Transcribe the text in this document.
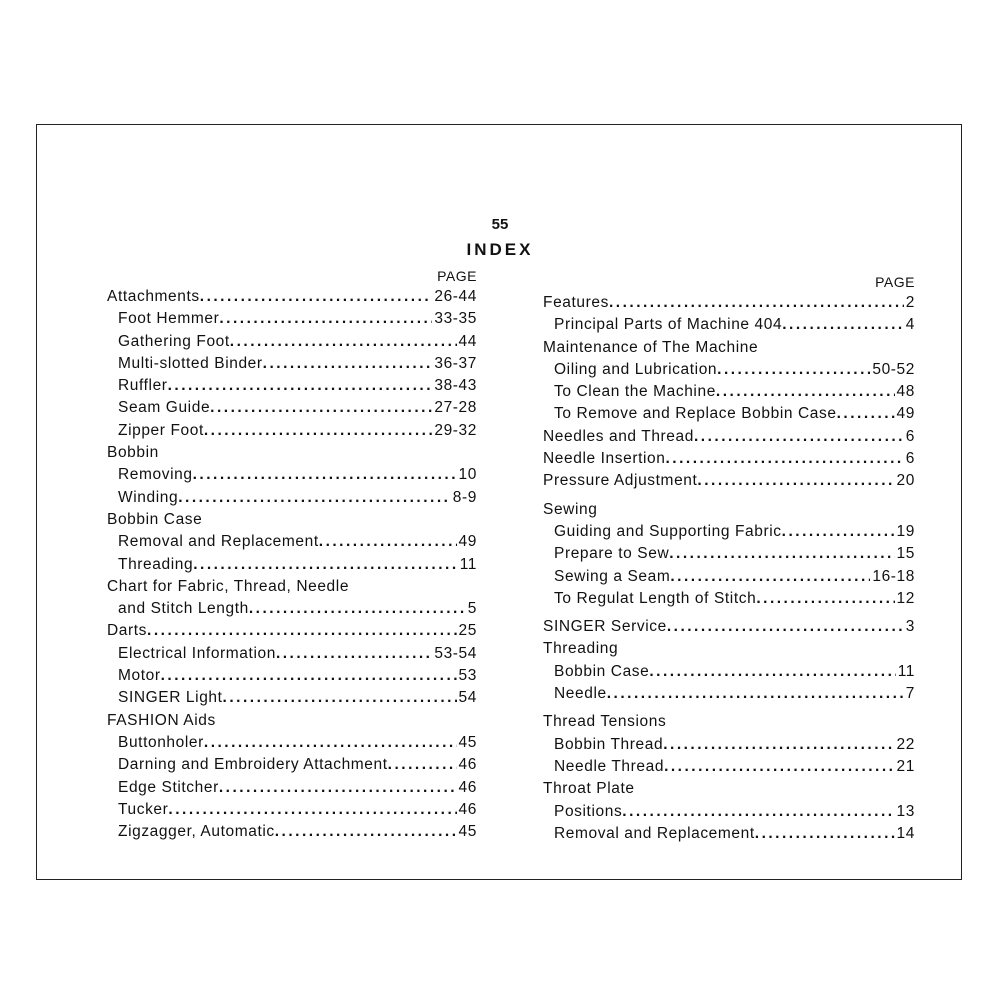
55
INDEX
PAGE
Attachments .....	26-44
Foot Hemmer .....	33-35
Gathering Foot .....	44
Multi-slotted Binder .....	36-37
Ruffler .....	38-43
Seam Guide .....	27-28
Zipper Foot .....	29-32
Bobbin
Removing .....	10
Winding .....	8-9
Bobbin Case
Removal and Replacement .....	49
Threading .....	11
Chart for Fabric, Thread, Needle
and Stitch Length .....	5
Darts .....	25
Electrical Information .....	53-54
Motor .....	53
SINGER Light .....	54
FASHION Aids
Buttonholer .....	45
Darning and Embroidery Attachment .....	46
Edge Stitcher .....	46
Tucker .....	46
Zigzagger, Automatic .....	45
PAGE
Features .....	2
Principal Parts of Machine 404 .....	4
Maintenance of The Machine
Oiling and Lubrication .....	50-52
To Clean the Machine .....	48
To Remove and Replace Bobbin Case .....	49
Needles and Thread .....	6
Needle Insertion .....	6
Pressure Adjustment .....	20
Sewing
Guiding and Supporting Fabric .....	19
Prepare to Sew .....	15
Sewing a Seam .....	16-18
To Regulat Length of Stitch .....	12
SINGER Service .....	3
Threading
Bobbin Case .....	11
Needle .....	7
Thread Tensions
Bobbin Thread .....	22
Needle Thread .....	21
Throat Plate
Positions .....	13
Removal and Replacement .....	14
